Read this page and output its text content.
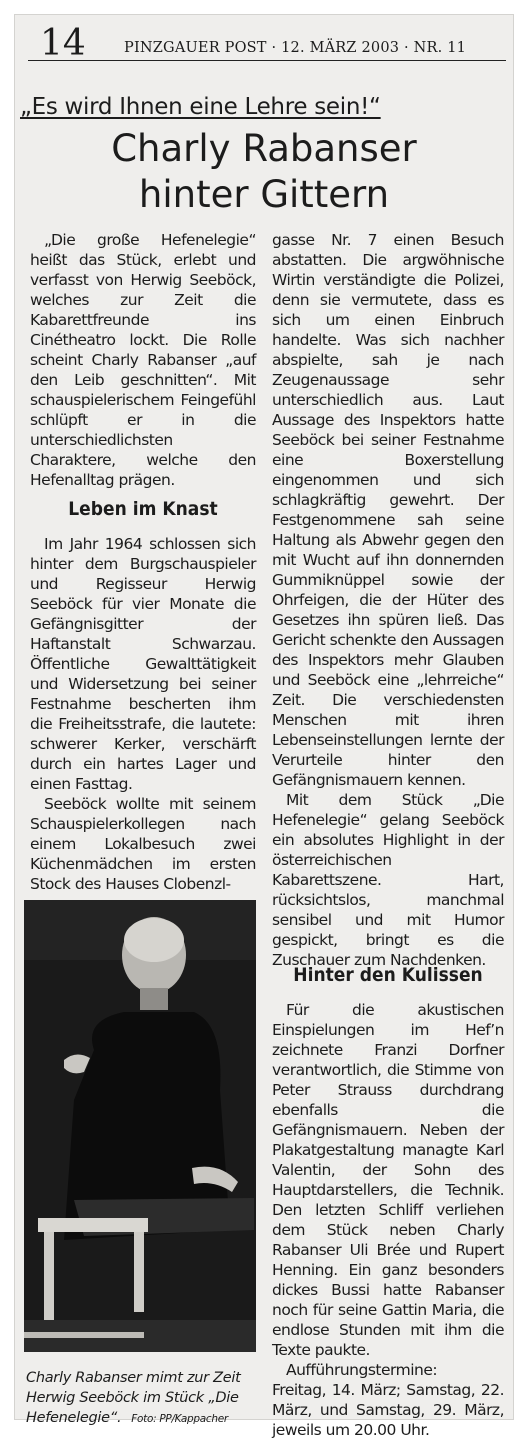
14	PINZGAUER POST · 12. MÄRZ 2003 · NR. 11
„Es wird Ihnen eine Lehre sein!“
Charly Rabanser
hinter Gittern

„Die große Hefenelegie“ heißt das Stück, erlebt und verfasst von Herwig Seeböck, welches zur Zeit die Kabarettfreunde ins Cinétheatro lockt. Die Rolle scheint Charly Rabanser „auf den Leib geschnitten“. Mit schauspielerischem Feingefühl schlüpft er in die unterschiedlichsten Charaktere, welche den Hefenalltag prägen.

Leben im Knast

Im Jahr 1964 schlossen sich hinter dem Burgschauspieler und Regisseur Herwig Seeböck für vier Monate die Gefängnisgitter der Haftanstalt Schwarzau. Öffentliche Gewalttätigkeit und Widersetzung bei seiner Festnahme bescherten ihm die Freiheitsstrafe, die lautete: schwerer Kerker, verschärft durch ein hartes Lager und einen Fasttag.

Seeböck wollte mit seinem Schauspielerkollegen nach einem Lokalbesuch zwei Küchenmädchen im ersten Stock des Hauses Clobenzl-

Charly Rabanser mimt zur Zeit Herwig Seeböck im Stück „Die Hefenelegie“. Foto: PP/Kappacher

gasse Nr. 7 einen Besuch abstatten. Die argwöhnische Wirtin verständigte die Polizei, denn sie vermutete, dass es sich um einen Einbruch handelte. Was sich nachher abspielte, sah je nach Zeugenaussage sehr unterschiedlich aus. Laut Aussage des Inspektors hatte Seeböck bei seiner Festnahme eine Boxerstellung eingenommen und sich schlagkräftig gewehrt. Der Festgenommene sah seine Haltung als Abwehr gegen den mit Wucht auf ihn donnernden Gummiknüppel sowie der Ohrfeigen, die der Hüter des Gesetzes ihn spüren ließ. Das Gericht schenkte den Aussagen des Inspektors mehr Glauben und Seeböck eine „lehrreiche“ Zeit. Die verschiedensten Menschen mit ihren Lebenseinstellungen lernte der Verurteile hinter den Gefängnismauern kennen.

Mit dem Stück „Die Hefenelegie“ gelang Seeböck ein absolutes Highlight in der österreichischen Kabarettszene. Hart, rücksichtslos, manchmal sensibel und mit Humor gespickt, bringt es die Zuschauer zum Nachdenken.

Hinter den Kulissen

Für die akustischen Einspielungen im Hef’n zeichnete Franzi Dorfner verantwortlich, die Stimme von Peter Strauss durchdrang ebenfalls die Gefängnismauern. Neben der Plakatgestaltung managte Karl Valentin, der Sohn des Hauptdarstellers, die Technik. Den letzten Schliff verliehen dem Stück neben Charly Rabanser Uli Brée und Rupert Henning. Ein ganz besonders dickes Bussi hatte Rabanser noch für seine Gattin Maria, die endlose Stunden mit ihm die Texte paukte.

Aufführungstermine:

Freitag, 14. März; Samstag, 22. März, und Samstag, 29. März, jeweils um 20.00 Uhr.
